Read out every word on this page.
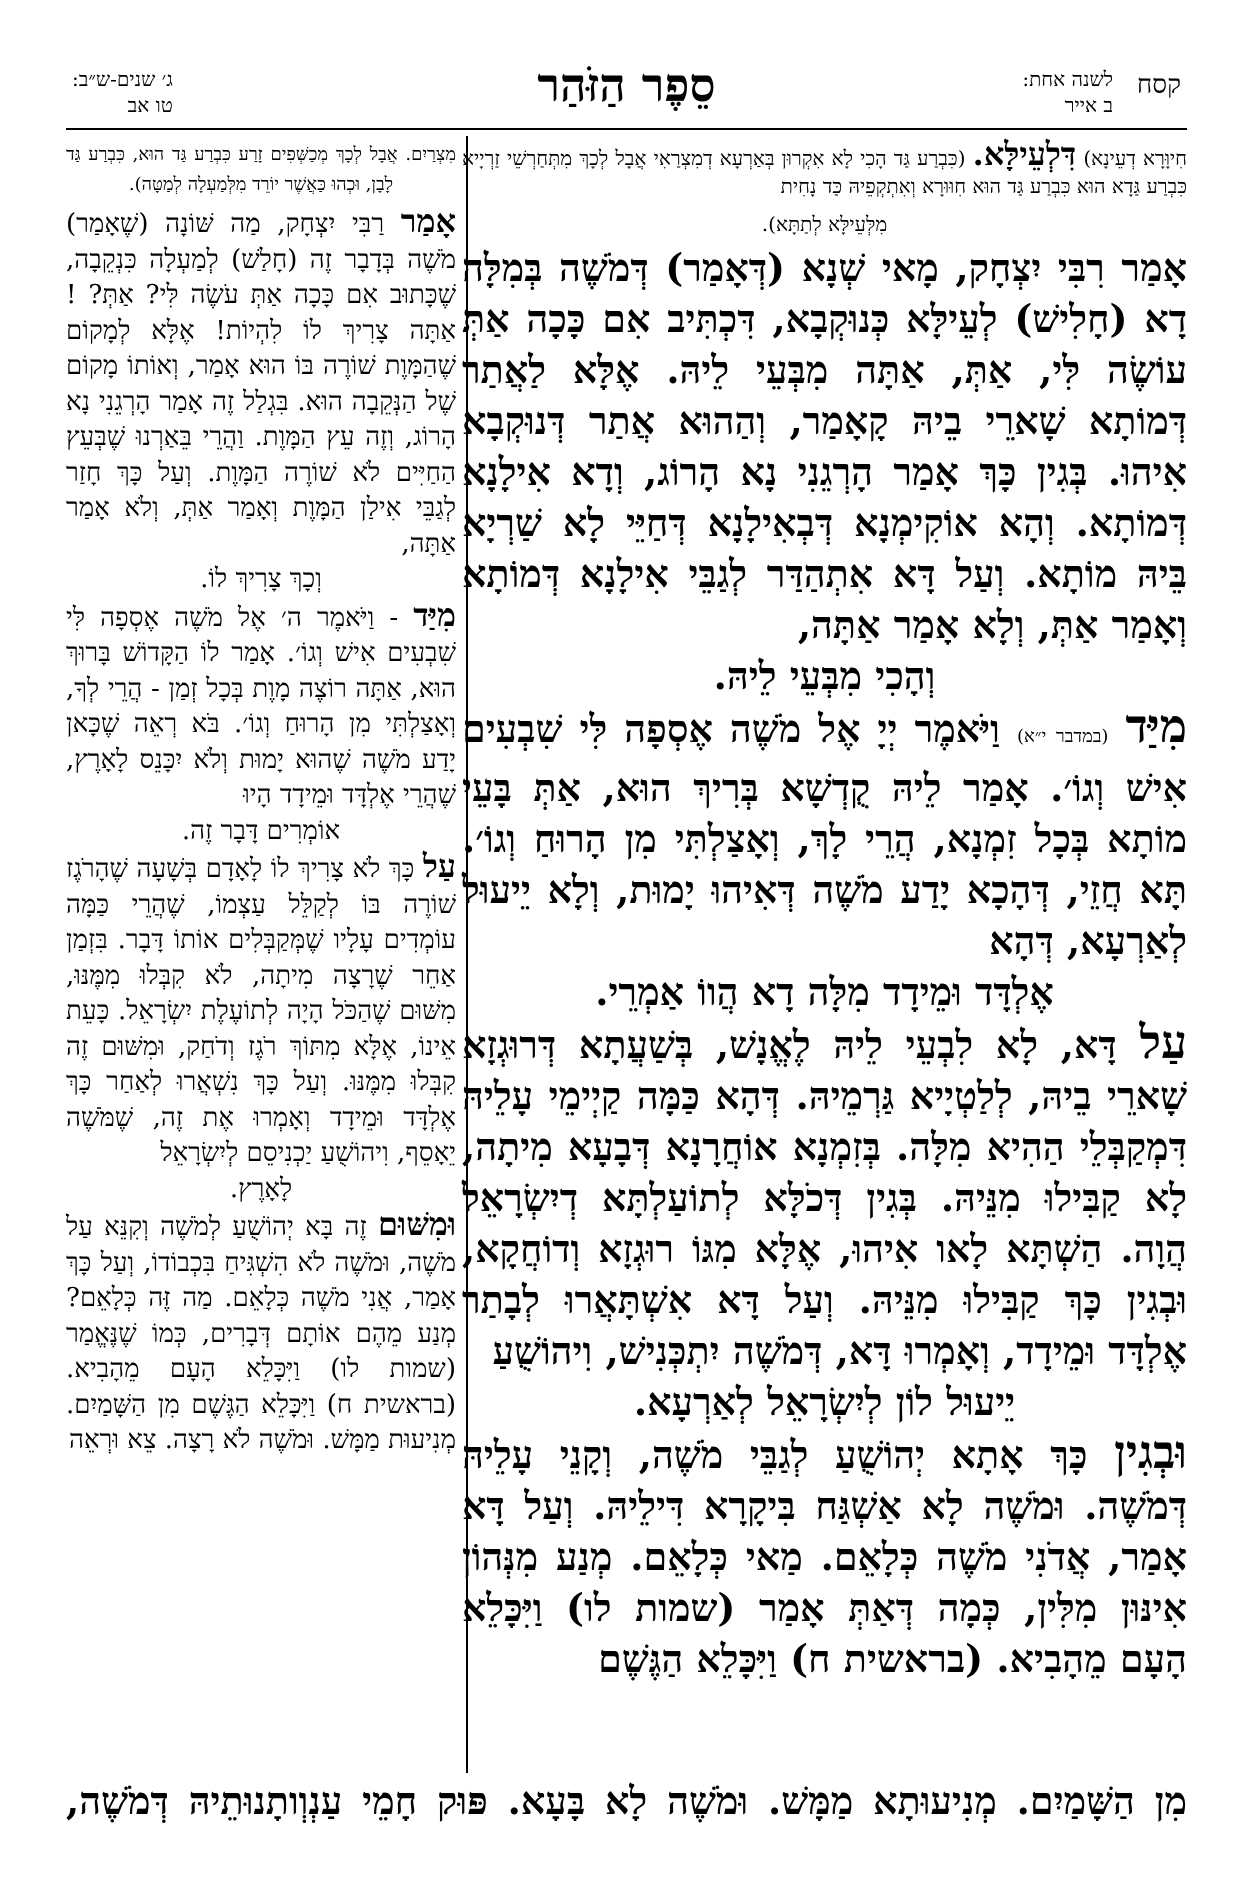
קסח
לשנה אחת:
ב אייר
סֵפֶר הַזֹּהַר
ג׳ שנים-ש״ב:
טו אב

חִיוָּרָא דְעֵינָא) דִּלְעֵילָּא. (כִּבְרַע גַּד הָכִי לָא אִקְרוּן בְּאַרְעָא דְמִצְרַאִי אֲבָל לְכָךְ מִתְּחַרְשֵׁי זַרְיָיא כִּבְרַע גַּדָא הוּא כִּבְרַע גַּד הוּא חִוּוּרָא וְאִתְקְפֵיהּ כַּד נָחִית

מִלְּעֵילָּא לְתַתָּא).

אָמַר רִבִּי יִצְחָק, מָאי שְׁנָא (דְּאָמַר) דְּמֹשֶׁה בְּמִלָּה דָא (חָלִישׁ) לְעֵילָּא כְּנוּקְבָא, דִּכְתִּיב אִם כָּכָה אַתְּ עוֹשֶׂה לִּי, אַתְּ, אַתָּה מִבְּעֵי לֵיהּ. אֶלָּא לַאֲתַר דְּמוֹתָא שָׁארֵי בֵיהּ קָאָמַר, וְהַהוּא אֲתַר דְּנוּקְבָא אִיהוּ. בְּגִין כָּךְ אָמַר הָרְגֵנִי נָא הָרוֹג, וְדָא אִילָנָא דְּמוֹתָא. וְהָא אוֹקִימְנָא דְּבְאִילָנָא דְּחַיֵּי לָא שַׁרְיָא בֵּיהּ מוֹתָא. וְעַל דָּא אִתְהַדַּר לְגַבֵּי אִילָנָא דְּמוֹתָא וְאָמַר אַתְּ, וְלָא אָמַר אַתָּה,

וְהָכִי מִבְּעֵי לֵיהּ.

מִיַּד (במדבר י״א) וַיֹּאמֶר יְיָ אֶל מֹשֶׁה אֶסְפָה לִּי שִׁבְעִים אִישׁ וְגוֹ׳. אָמַר לֵיהּ קֻדְשָׁא בְּרִיךְ הוּא, אַתְּ בָּעֵי מוֹתָא בְּכָל זִמְנָא, הֲרֵי לָךְ, וְאָצַלְתִּי מִן הָרוּחַ וְגוֹ׳. תָּא חֲזֵי, דְּהָכָא יָדַע מֹשֶׁה דְּאִיהוּ יָמוּת, וְלָא יֵיעוּל לְאַרְעָא, דְּהָא

אֶלְדָּד וּמֵידָד מִלָּה דָא הֲווֹ אַמְרֵי.

עַל דָּא, לָא לִבְעֵי לֵיהּ לֶאֱנָשׁ, בְּשַׁעֲתָא דְּרוּגְזָא שָׁארֵי בֵיהּ, לְלַטְיָיא גַּרְמֵיהּ. דְּהָא כַּמָּה קַיְימֵי עָלֵיהּ דִּמְקַבְּלֵי הַהִיא מִלָּה. בְּזִמְנָא אוֹחֲרָנָא דְּבָעָא מִיתָה, לָא קַבִּילוּ מִנֵּיהּ. בְּגִין דְּכֹלָּא לְתוֹעַלְתָּא דְיִשְׂרָאֵל הֲוָה. הַשְׁתָּא לָאו אִיהוּ, אֶלָּא מִגּוֹ רוּגְזָא וְדוֹחֲקָא, וּבְגִין כָּךְ קַבִּילוּ מִנֵּיהּ. וְעַל דָּא אִשְׁתָּאֲרוּ לְבָתַר אֶלְדָּד וּמֵידָד, וְאָמְרוּ דָּא, דְּמֹשֶׁה יִתְכְּנִישׁ, וִיהוֹשֻׁעַ

יֵיעוּל לוֹן לְיִשְׂרָאֵל לְאַרְעָא.

וּבְגִין כָּךְ אָתָא יְהוֹשֻׁעַ לְגַבֵּי מֹשֶׁה, וְקָנֵי עָלֵיהּ דְּמֹשֶׁה. וּמֹשֶׁה לָא אַשְׁגַּח בִּיקָרָא דִּילֵיהּ. וְעַל דָּא אָמַר, אֲדֹנִי מֹשֶׁה כְּלָאֵם. מַאי כְּלָאֵם. מְנַע מִנְּהוֹן אִינּוּן מִלִּין, כְּמָה דְּאַתְּ אָמַר (שמות לו) וַיִּכָּלֵא הָעָם מֵהָבִיא. (בראשית ח) וַיִּכָּלֵא הַגֶּשֶׁם

מִצְרַיִם. אֲבָל לְכָךְ מְכַשְּׁפִים זָרַע כִּבְרַע גַּד הוּא, כִּבְרַע גַּד לָבָן, וּכְהוּ כַּאֲשֶׁר יוֹרֵד מִלְּמַעְלָה לְמַטָּה).

אָמַר רַבִּי יִצְחָק, מַה שּׁוֹנָה (שֶׁאָמַר) מֹשֶׁה בְּדָבָר זֶה (חָלַשׁ) לְמַעְלָה כִּנְקֵבָה, שֶׁכָּתוּב אִם כָּכָה אַתְּ עֹשֶׂה לִּי? אַתְּ? ! אַתָּה צָרִיךְ לוֹ לִהְיוֹת! אֶלָּא לְמָקוֹם שֶׁהַמָּוֶת שׁוֹרֶה בּוֹ הוּא אָמַר, וְאוֹתוֹ מָקוֹם שֶׁל הַנְּקֵבָה הוּא. בִּגְלַל זֶה אָמַר הָרְגֵנִי נָא הָרוֹג, וְזֶה עֵץ הַמָּוֶת. וַהֲרֵי בֵּאַרְנוּ שֶׁבְּעֵץ הַחַיִּים לֹא שׁוֹרֶה הַמָּוֶת. וְעַל כָּךְ חָזַר לְגַבֵּי אִילַן הַמָּוֶת וְאָמַר אַתְּ, וְלֹא אָמַר אַתָּה,

וְכָךְ צָרִיךְ לוֹ.

מִיַּד - וַיֹּאמֶר ה׳ אֶל מֹשֶׁה אֶסְפָה לִּי שִׁבְעִים אִישׁ וְגוֹ׳. אָמַר לוֹ הַקָּדוֹשׁ בָּרוּךְ הוּא, אַתָּה רוֹצֶה מָוֶת בְּכָל זְמַן - הֲרֵי לְךָ, וְאָצַלְתִּי מִן הָרוּחַ וְגוֹ׳. בֹּא רְאֵה שֶׁכָּאן יָדַע מֹשֶׁה שֶׁהוּא יָמוּת וְלֹא יִכָּנֵס לָאָרֶץ, שֶׁהֲרֵי אֶלְדָּד וּמֵידָד הָיוּ

אוֹמְרִים דָּבָר זֶה.

עַל כָּךְ לֹא צָרִיךְ לוֹ לָאָדָם בְּשָׁעָה שֶׁהָרֹגֶז שׁוֹרֶה בּוֹ לְקַלֵּל עַצְמוֹ, שֶׁהֲרֵי כַּמָּה עוֹמְדִים עָלָיו שֶׁמְּקַבְּלִים אוֹתוֹ דָּבָר. בִּזְמַן אַחֵר שֶׁרָצָה מִיתָה, לֹא קִבְּלוּ מִמֶּנּוּ, מִשּׁוּם שֶׁהַכֹּל הָיָה לְתוֹעֶלֶת יִשְׂרָאֵל. כָּעֵת אֵינוֹ, אֶלָּא מִתּוֹךְ רֹגֶז וְדֹחַק, וּמִשּׁוּם זֶה קִבְּלוּ מִמֶּנּוּ. וְעַל כָּךְ נִשְׁאֲרוּ לְאַחַר כָּךְ אֶלְדָּד וּמֵידָד וְאָמְרוּ אֶת זֶה, שֶׁמֹּשֶׁה יֵאָסֵף, וִיהוֹשֻׁעַ יַכְנִיסֵם לְיִשְׂרָאֵל

לָאָרֶץ.

וּמִשּׁוּם זֶה בָּא יְהוֹשֻׁעַ לְמֹשֶׁה וְקִנֵּא עַל מֹשֶׁה, וּמֹשֶׁה לֹא הִשְׁגִּיחַ בִּכְבוֹדוֹ, וְעַל כָּךְ אָמַר, אֲנִי מֹשֶׁה כְּלָאֵם. מַה זֶּה כְּלָאֵם? מְנַע מֵהֶם אוֹתָם דְּבָרִים, כְּמוֹ שֶׁנֶּאֱמַר (שמות לו) וַיִּכָּלֵא הָעָם מֵהָבִיא. (בראשית ח) וַיִּכָּלֵא הַגֶּשֶׁם מִן הַשָּׁמַיִם. מְנִיעוּת מַמָּשׁ. וּמֹשֶׁה לֹא רָצָה. צֵא וּרְאֵה

מִן הַשָּׁמַיִם. מְנִיעוּתָא מַמָּשׁ. וּמֹשֶׁה לָא בָּעָא. פּוּק חָמֵי עַנְוְותָנוּתֵיהּ דְּמֹשֶׁה,
